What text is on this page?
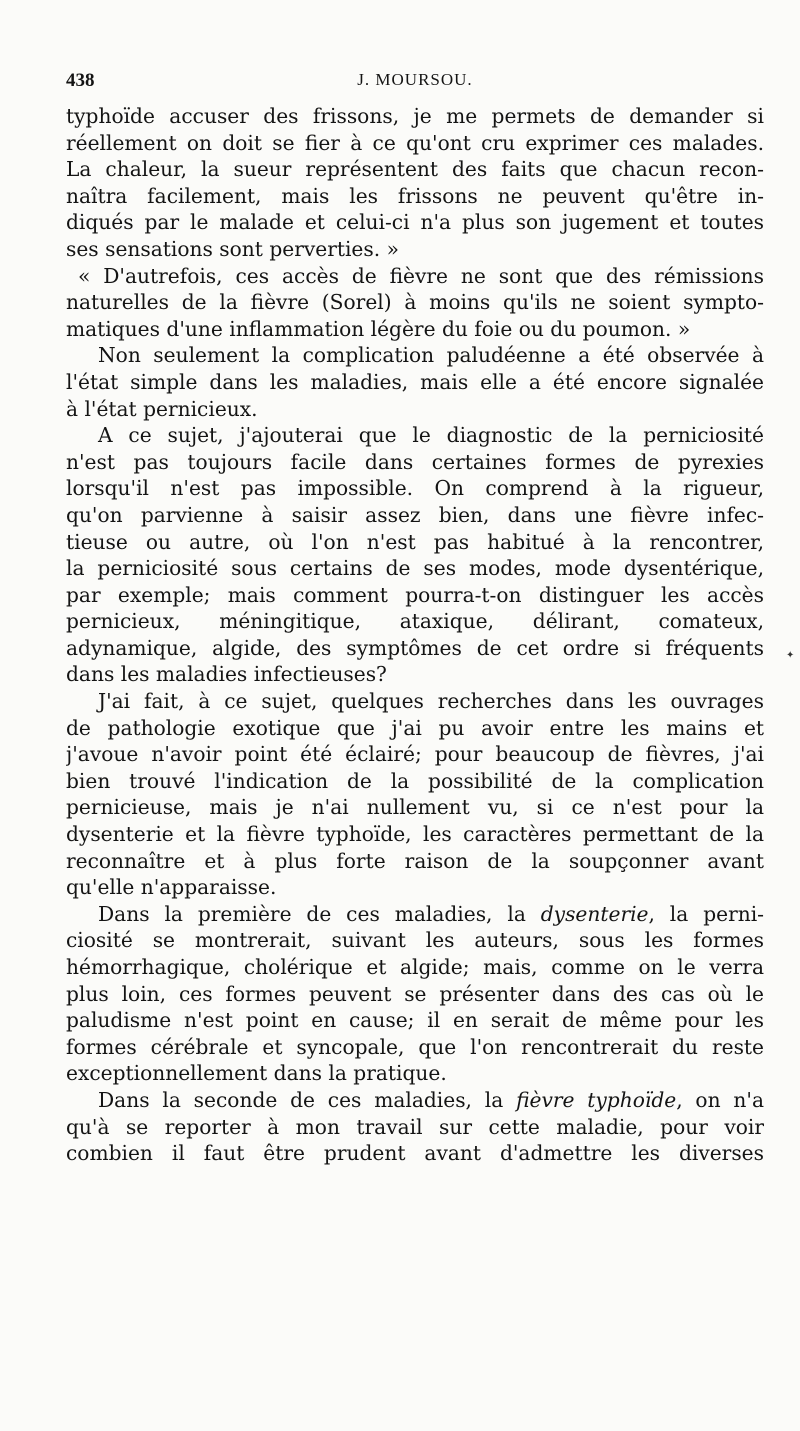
438	J. MOURSOU.
typhoïde accuser des frissons, je me permets de demander si
réellement on doit se fier à ce qu'ont cru exprimer ces malades.
La chaleur, la sueur représentent des faits que chacun recon-
naîtra facilement, mais les frissons ne peuvent qu'être in-
diqués par le malade et celui-ci n'a plus son jugement et toutes
ses sensations sont perverties. »
« D'autrefois, ces accès de fièvre ne sont que des rémissions
naturelles de la fièvre (Sorel) à moins qu'ils ne soient sympto-
matiques d'une inflammation légère du foie ou du poumon. »
Non seulement la complication paludéenne a été observée à
l'état simple dans les maladies, mais elle a été encore signalée
à l'état pernicieux.
A ce sujet, j'ajouterai que le diagnostic de la perniciosité
n'est pas toujours facile dans certaines formes de pyrexies
lorsqu'il n'est pas impossible. On comprend à la rigueur,
qu'on parvienne à saisir assez bien, dans une fièvre infec-
tieuse ou autre, où l'on n'est pas habitué à la rencontrer,
la perniciosité sous certains de ses modes, mode dysentérique,
par exemple; mais comment pourra-t-on distinguer les accès
pernicieux, méningitique, ataxique, délirant, comateux,
adynamique, algide, des symptômes de cet ordre si fréquents
dans les maladies infectieuses?
J'ai fait, à ce sujet, quelques recherches dans les ouvrages
de pathologie exotique que j'ai pu avoir entre les mains et
j'avoue n'avoir point été éclairé; pour beaucoup de fièvres, j'ai
bien trouvé l'indication de la possibilité de la complication
pernicieuse, mais je n'ai nullement vu, si ce n'est pour la
dysenterie et la fièvre typhoïde, les caractères permettant de la
reconnaître et à plus forte raison de la soupçonner avant
qu'elle n'apparaisse.
Dans la première de ces maladies, la dysenterie, la perni-
ciosité se montrerait, suivant les auteurs, sous les formes
hémorrhagique, cholérique et algide; mais, comme on le verra
plus loin, ces formes peuvent se présenter dans des cas où le
paludisme n'est point en cause; il en serait de même pour les
formes cérébrale et syncopale, que l'on rencontrerait du reste
exceptionnellement dans la pratique.
Dans la seconde de ces maladies, la fièvre typhoïde, on n'a
qu'à se reporter à mon travail sur cette maladie, pour voir
combien il faut être prudent avant d'admettre les diverses
✦
